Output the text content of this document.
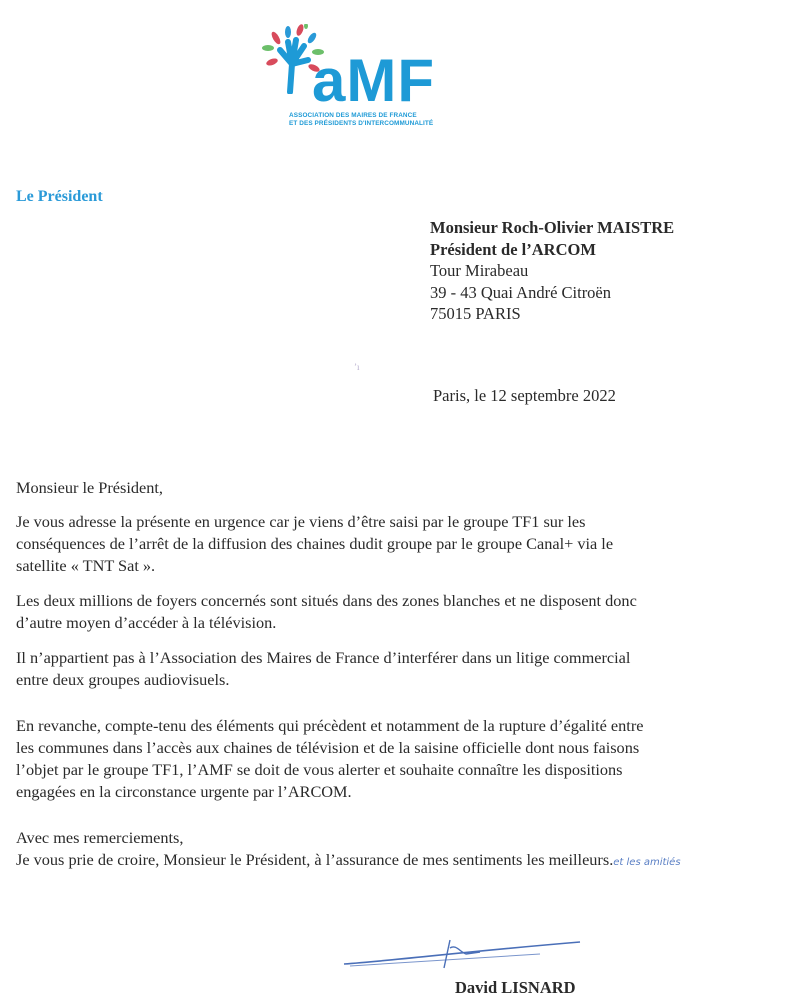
aMF
ASSOCIATION DES MAIRES DE FRANCE
ET DES PRÉSIDENTS D'INTERCOMMUNALITÉ
Le Président
Monsieur Roch-Olivier MAISTRE
Président de l’ARCOM
Tour Mirabeau
39 - 43 Quai André Citroën
75015 PARIS
ʼı
Paris, le 12 septembre 2022

Monsieur le Président,

Je vous adresse la présente en urgence car je viens d’être saisi par le groupe TF1 sur les
conséquences de l’arrêt de la diffusion des chaines dudit groupe par le groupe Canal+ via le
satellite « TNT Sat ».

Les deux millions de foyers concernés sont situés dans des zones blanches et ne disposent donc
d’autre moyen d’accéder à la télévision.

Il n’appartient pas à l’Association des Maires de France d’interférer dans un litige commercial
entre deux groupes audiovisuels.

En revanche, compte-tenu des éléments qui précèdent et notamment de la rupture d’égalité entre
les communes dans l’accès aux chaines de télévision et de la saisine officielle dont nous faisons
l’objet par le groupe TF1, l’AMF se doit de vous alerter et souhaite connaître les dispositions
engagées en la circonstance urgente par l’ARCOM.

Avec mes remerciements,
Je vous prie de croire, Monsieur le Président, à l’assurance de mes sentiments les meilleurs.et les amitiés

David LISNARD
